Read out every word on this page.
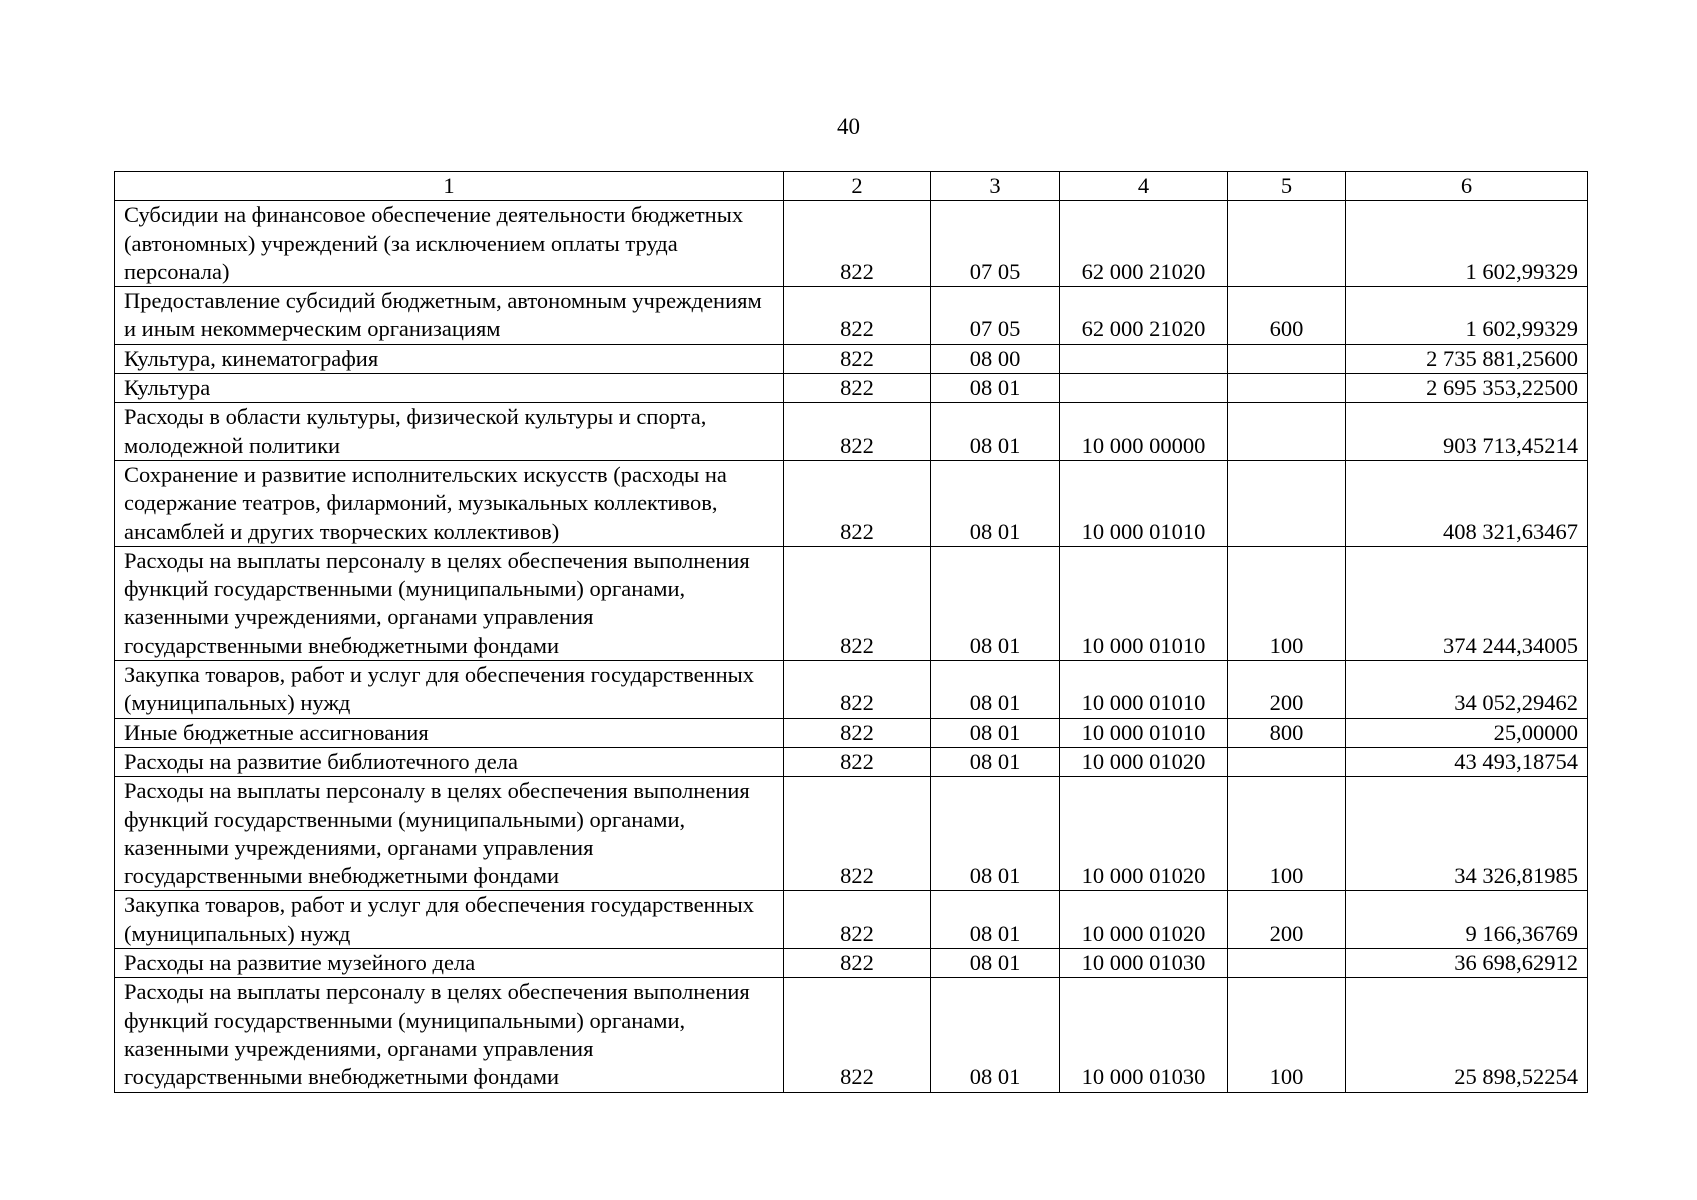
40
1	2	3	4	5	6
Субсидии на финансовое обеспечение деятельности бюджетных (автономных) учреждений (за исключением оплаты труда персонала)	822	07 05	62 000 21020		1 602,99329
Предоставление субсидий бюджетным, автономным учреждениям и иным некоммерческим организациям	822	07 05	62 000 21020	600	1 602,99329
Культура, кинематография	822	08 00			2 735 881,25600
Культура	822	08 01			2 695 353,22500
Расходы в области культуры, физической культуры и спорта, молодежной политики	822	08 01	10 000 00000		903 713,45214
Сохранение и развитие исполнительских искусств (расходы на содержание театров, филармоний, музыкальных коллективов, ансамблей и других творческих коллективов)	822	08 01	10 000 01010		408 321,63467
Расходы на выплаты персоналу в целях обеспечения выполнения функций государственными (муниципальными) органами, казенными учреждениями, органами управления государственными внебюджетными фондами	822	08 01	10 000 01010	100	374 244,34005
Закупка товаров, работ и услуг для обеспечения государственных (муниципальных) нужд	822	08 01	10 000 01010	200	34 052,29462
Иные бюджетные ассигнования	822	08 01	10 000 01010	800	25,00000
Расходы на развитие библиотечного дела	822	08 01	10 000 01020		43 493,18754
Расходы на выплаты персоналу в целях обеспечения выполнения функций государственными (муниципальными) органами, казенными учреждениями, органами управления государственными внебюджетными фондами	822	08 01	10 000 01020	100	34 326,81985
Закупка товаров, работ и услуг для обеспечения государственных (муниципальных) нужд	822	08 01	10 000 01020	200	9 166,36769
Расходы на развитие музейного дела	822	08 01	10 000 01030		36 698,62912
Расходы на выплаты персоналу в целях обеспечения выполнения функций государственными (муниципальными) органами, казенными учреждениями, органами управления государственными внебюджетными фондами	822	08 01	10 000 01030	100	25 898,52254
